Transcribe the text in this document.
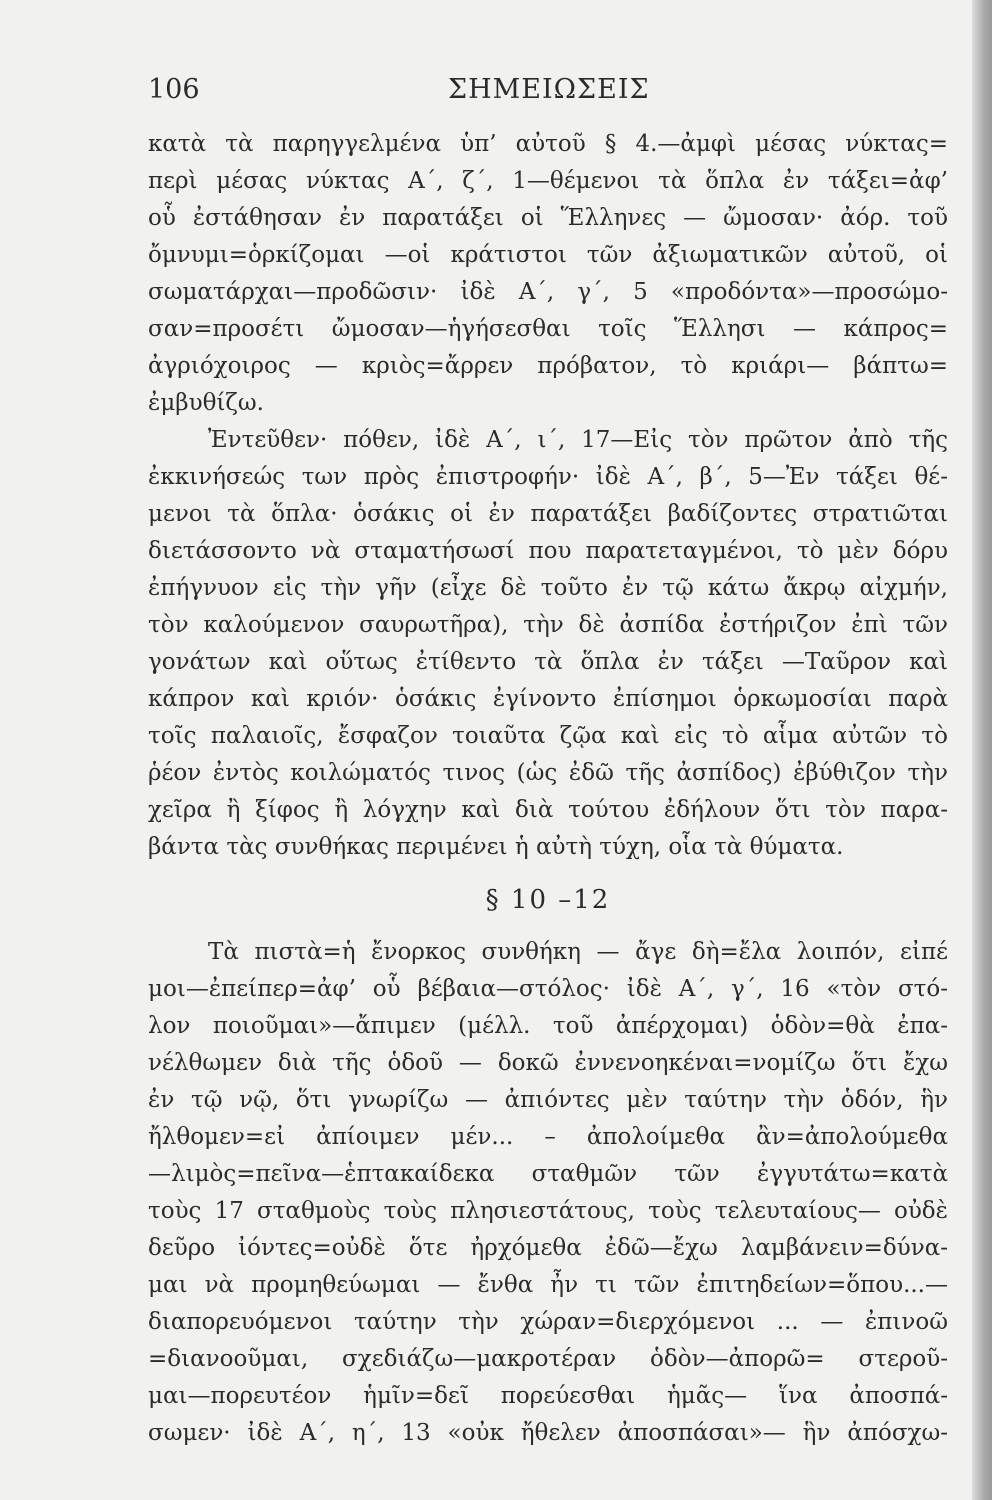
106	ΣΗΜΕΙΩΣΕΙΣ
κατὰ τὰ παρηγγελμένα ὑπ’ αὐτοῦ § 4.—ἀμφὶ μέσας νύκτας=
περὶ μέσας νύκτας Α΄, ζ΄, 1—θέμενοι τὰ ὅπλα ἐν τάξει=ἀφ’
οὗ ἐστάθησαν ἐν παρατάξει οἱ Ἕλληνες — ὤμοσαν· ἀόρ. τοῦ
ὄμνυμι=ὁρκίζομαι —οἱ κράτιστοι τῶν ἀξιωματικῶν αὐτοῦ, οἱ
σωματάρχαι—προδῶσιν· ἰδὲ Α΄, γ΄, 5 «προδόντα»—προσώμο-
σαν=προσέτι ὤμοσαν—ἡγήσεσθαι τοῖς Ἕλλησι — κάπρος=
ἀγριόχοιρος — κριὸς=ἄρρεν πρόβατον, τὸ κριάρι— βάπτω=
ἐμβυθίζω.
Ἐντεῦθεν· πόθεν, ἰδὲ Α΄, ι΄, 17—Εἰς τὸν πρῶτον ἀπὸ τῆς
ἐκκινήσεώς των πρὸς ἐπιστροφήν· ἰδὲ Α΄, β΄, 5—Ἐν τάξει θέ-
μενοι τὰ ὅπλα· ὁσάκις οἱ ἐν παρατάξει βαδίζοντες στρατιῶται
διετάσσοντο νὰ σταματήσωσί που παρατεταγμένοι, τὸ μὲν δόρυ
ἐπήγνυον εἰς τὴν γῆν (εἶχε δὲ τοῦτο ἐν τῷ κάτω ἄκρῳ αἰχμήν,
τὸν καλούμενον σαυρωτῆρα), τὴν δὲ ἀσπίδα ἐστήριζον ἐπὶ τῶν
γονάτων καὶ οὕτως ἐτίθεντο τὰ ὅπλα ἐν τάξει —Ταῦρον καὶ
κάπρον καὶ κριόν· ὁσάκις ἐγίνοντο ἐπίσημοι ὁρκωμοσίαι παρὰ
τοῖς παλαιοῖς, ἔσφαζον τοιαῦτα ζῷα καὶ εἰς τὸ αἷμα αὐτῶν τὸ
ῥέον ἐντὸς κοιλώματός τινος (ὡς ἐδῶ τῆς ἀσπίδος) ἐβύθιζον τὴν
χεῖρα ἢ ξίφος ἢ λόγχην καὶ διὰ τούτου ἐδήλουν ὅτι τὸν παρα-
βάντα τὰς συνθήκας περιμένει ἡ αὐτὴ τύχη, οἷα τὰ θύματα.
§ 10 –12
Τὰ πιστὰ=ἡ ἔνορκος συνθήκη — ἄγε δὴ=ἔλα λοιπόν, εἰπέ
μοι—ἐπείπερ=ἀφ’ οὗ βέβαια—στόλος· ἰδὲ Α΄, γ΄, 16 «τὸν στό-
λον ποιοῦμαι»—ἄπιμεν (μέλλ. τοῦ ἀπέρχομαι) ὁδὸν=θὰ ἐπα-
νέλθωμεν διὰ τῆς ὁδοῦ — δοκῶ ἐννενοηκέναι=νομίζω ὅτι ἔχω
ἐν τῷ νῷ, ὅτι γνωρίζω — ἀπιόντες μὲν ταύτην τὴν ὁδόν, ἣν
ἤλθομεν=εἰ ἀπίοιμεν μέν... – ἀπολοίμεθα ἂν=ἀπολούμεθα
—λιμὸς=πεῖνα—ἑπτακαίδεκα σταθμῶν τῶν ἐγγυτάτω=κατὰ
τοὺς 17 σταθμοὺς τοὺς πλησιεστάτους, τοὺς τελευταίους— οὐδὲ
δεῦρο ἰόντες=οὐδὲ ὅτε ἠρχόμεθα ἐδῶ—ἔχω λαμβάνειν=δύνα-
μαι νὰ προμηθεύωμαι — ἔνθα ἦν τι τῶν ἐπιτηδείων=ὅπου...—
διαπορευόμενοι ταύτην τὴν χώραν=διερχόμενοι ... — ἐπινοῶ
=διανοοῦμαι, σχεδιάζω—μακροτέραν ὁδὸν—ἀπορῶ= στεροῦ-
μαι—πορευτέον ἡμῖν=δεῖ πορεύεσθαι ἡμᾶς— ἵνα ἀποσπά-
σωμεν· ἰδὲ Α΄, η΄, 13 «οὐκ ἤθελεν ἀποσπάσαι»— ἣν ἀπόσχω-
